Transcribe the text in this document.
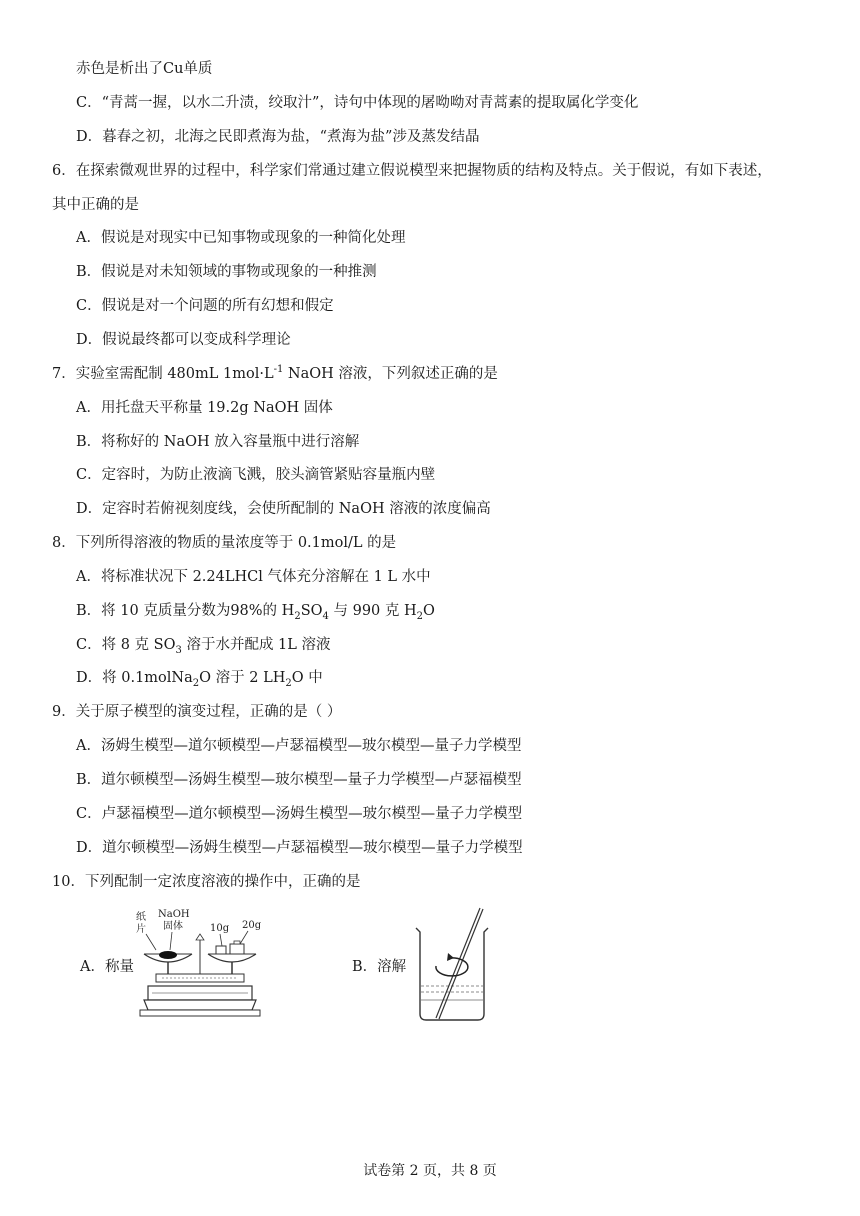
赤色是析出了Cu单质
C．“青蒿一握，以水二升渍，绞取汁”，诗句中体现的屠呦呦对青蒿素的提取属化学变化
D．暮春之初，北海之民即煮海为盐，“煮海为盐”涉及蒸发结晶
6．在探索微观世界的过程中，科学家们常通过建立假说模型来把握物质的结构及特点。关于假说，有如下表述，
其中正确的是
A．假说是对现实中已知事物或现象的一种简化处理
B．假说是对未知领域的事物或现象的一种推测
C．假说是对一个问题的所有幻想和假定
D．假说最终都可以变成科学理论
7．实验室需配制 480mL $1mol\cdot L^{-1}$ NaOH 溶液，下列叙述正确的是
A．用托盘天平称量 19.2g NaOH 固体
B．将称好的 NaOH 放入容量瓶中进行溶解
C．定容时，为防止液滴飞溅，胶头滴管紧贴容量瓶内壁
D．定容时若俯视刻度线，会使所配制的 NaOH 溶液的浓度偏高
8．下列所得溶液的物质的量浓度等于 0.1mol/L 的是
A．将标准状况下 2.24LHCl 气体充分溶解在 1 L 水中
B．将 10 克质量分数为98%的 $H_2SO_4$ 与 990 克 $H_2O$
C．将 8 克 $SO_3$ 溶于水并配成 1L 溶液
D．将 0.1molNa$_2$O 溶于 2 $LH_2O$ 中
9．关于原子模型的演变过程，正确的是（ ）
A．汤姆生模型—道尔顿模型—卢瑟福模型—玻尔模型—量子力学模型
B．道尔顿模型—汤姆生模型—玻尔模型—量子力学模型—卢瑟福模型
C．卢瑟福模型—道尔顿模型—汤姆生模型—玻尔模型—量子力学模型
D．道尔顿模型—汤姆生模型—卢瑟福模型—玻尔模型—量子力学模型
10．下列配制一定浓度溶液的操作中，正确的是
A．称量
纸
片
NaOH
固体	10g 20g
B．溶解
试卷第 2 页，共 8 页
